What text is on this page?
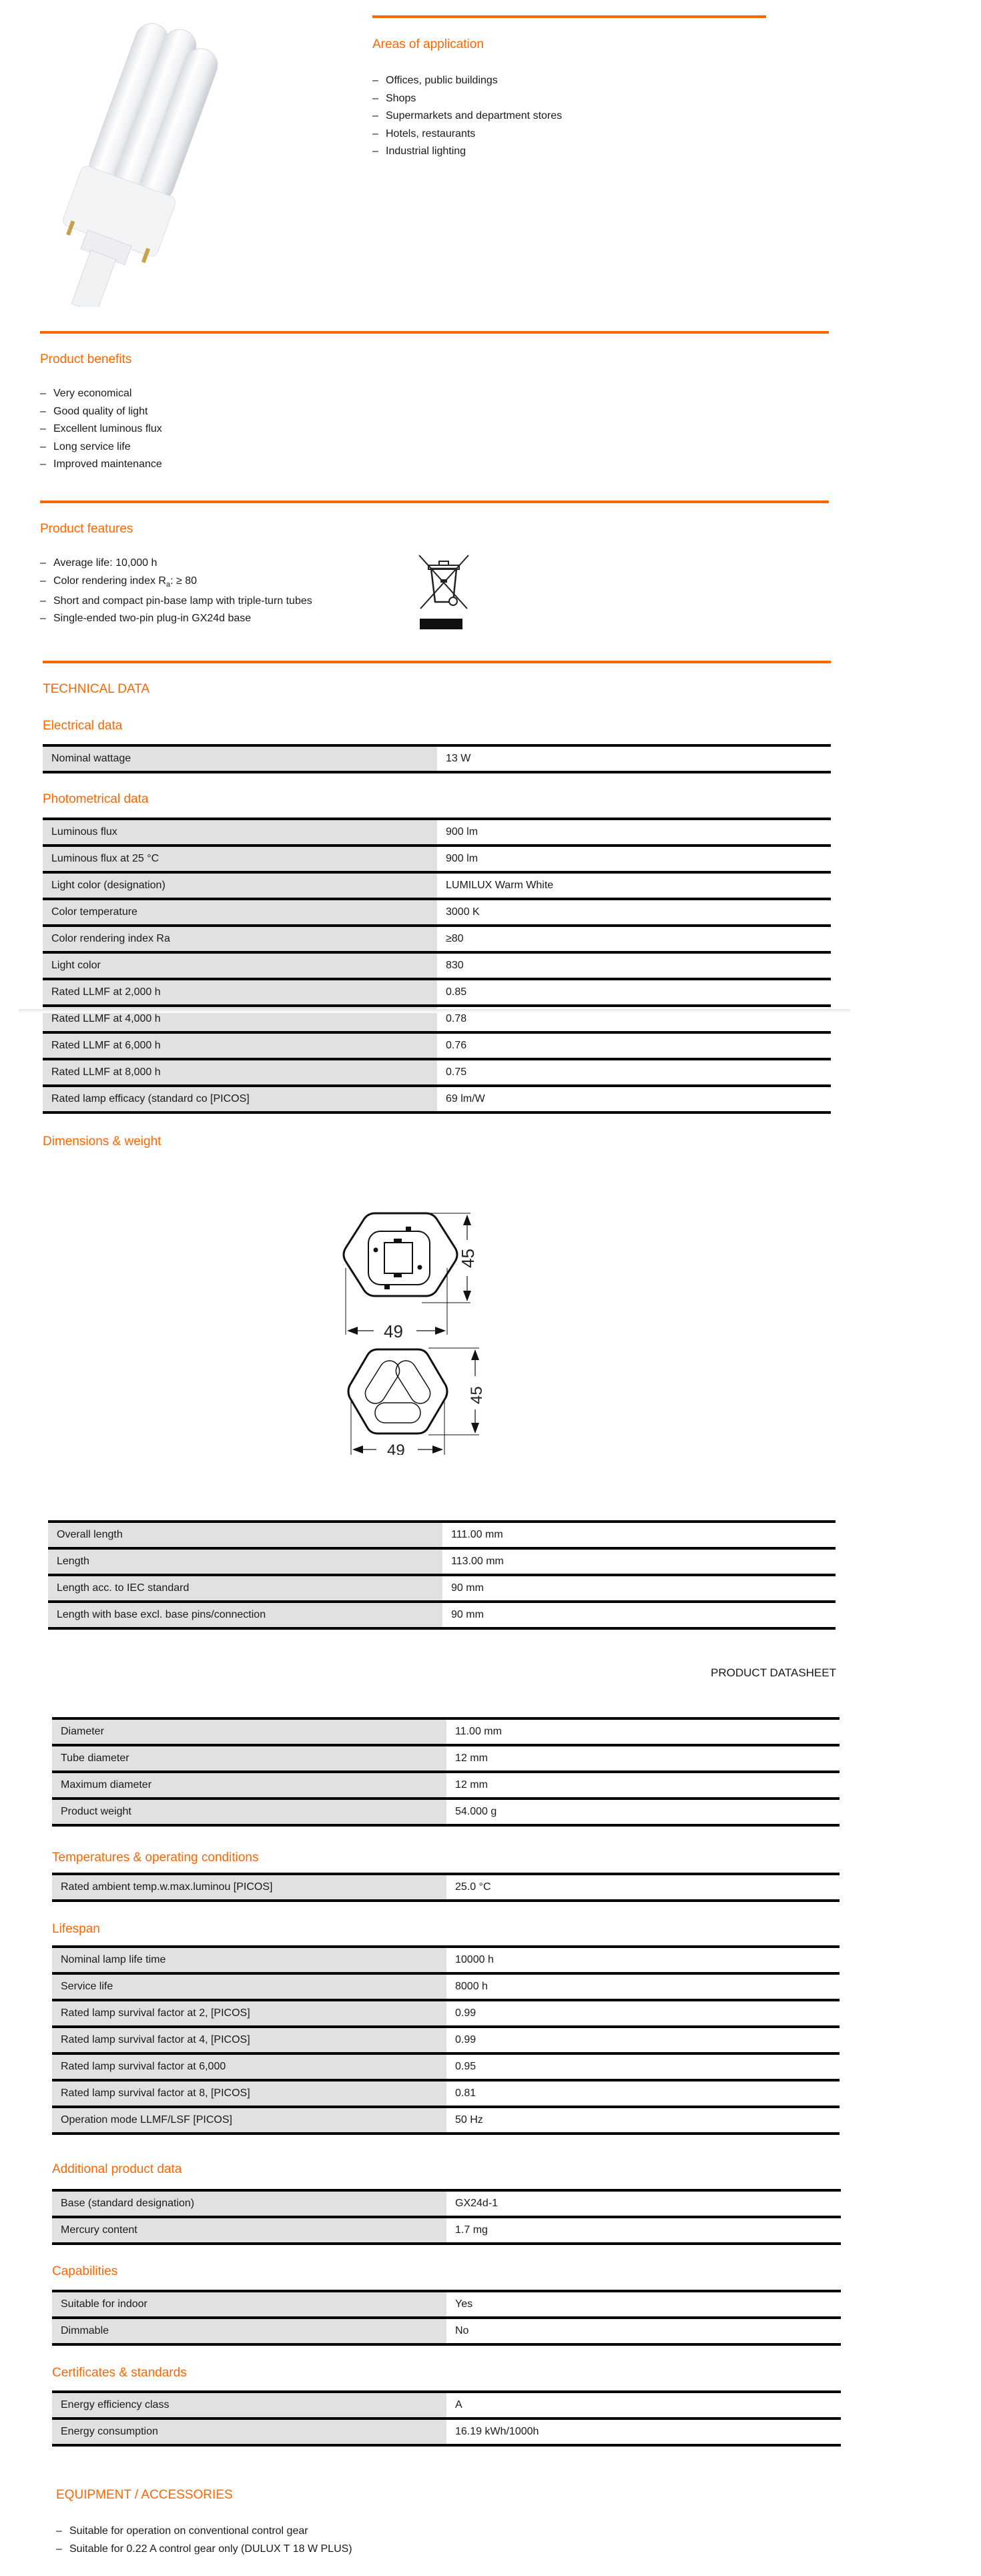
Areas of application
– Offices, public buildings
– Shops
– Supermarkets and department stores
– Hotels, restaurants
– Industrial lighting
Product benefits
– Very economical
– Good quality of light
– Excellent luminous flux
– Long service life
– Improved maintenance
Product features
– Average life: 10,000 h
– Color rendering index $R_a$: ≥ 80
– Short and compact pin-base lamp with triple-turn tubes
– Single-ended two-pin plug-in GX24d base
TECHNICAL DATA
Electrical data
Nominal wattage	13 W
Photometrical data
Luminous flux	900 lm
Luminous flux at 25 °C	900 lm
Light color (designation)	LUMILUX Warm White
Color temperature	3000 K
Color rendering index Ra	≥80
Light color	830
Rated LLMF at 2,000 h	0.85
Rated LLMF at 4,000 h	0.78
Rated LLMF at 6,000 h	0.76
Rated LLMF at 8,000 h	0.75
Rated lamp efficacy (standard co [PICOS]	69 lm/W
Dimensions & weight
45
49
45
49
Overall length	111.00 mm
Length	113.00 mm
Length acc. to IEC standard	90 mm
Length with base excl. base pins/connection	90 mm
PRODUCT DATASHEET
Diameter	11.00 mm
Tube diameter	12 mm
Maximum diameter	12 mm
Product weight	54.000 g
Temperatures & operating conditions
Rated ambient temp.w.max.luminou [PICOS]	25.0 °C
Lifespan
Nominal lamp life time	10000 h
Service life	8000 h
Rated lamp survival factor at 2, [PICOS]	0.99
Rated lamp survival factor at 4, [PICOS]	0.99
Rated lamp survival factor at 6,000	0.95
Rated lamp survival factor at 8, [PICOS]	0.81
Operation mode LLMF/LSF [PICOS]	50 Hz
Additional product data
Base (standard designation)	GX24d-1
Mercury content	1.7 mg
Capabilities
Suitable for indoor	Yes
Dimmable	No
Certificates & standards
Energy efficiency class	A
Energy consumption	16.19 kWh/1000h
EQUIPMENT / ACCESSORIES
– Suitable for operation on conventional control gear
– Suitable for 0.22 A control gear only (DULUX T 18 W PLUS)
